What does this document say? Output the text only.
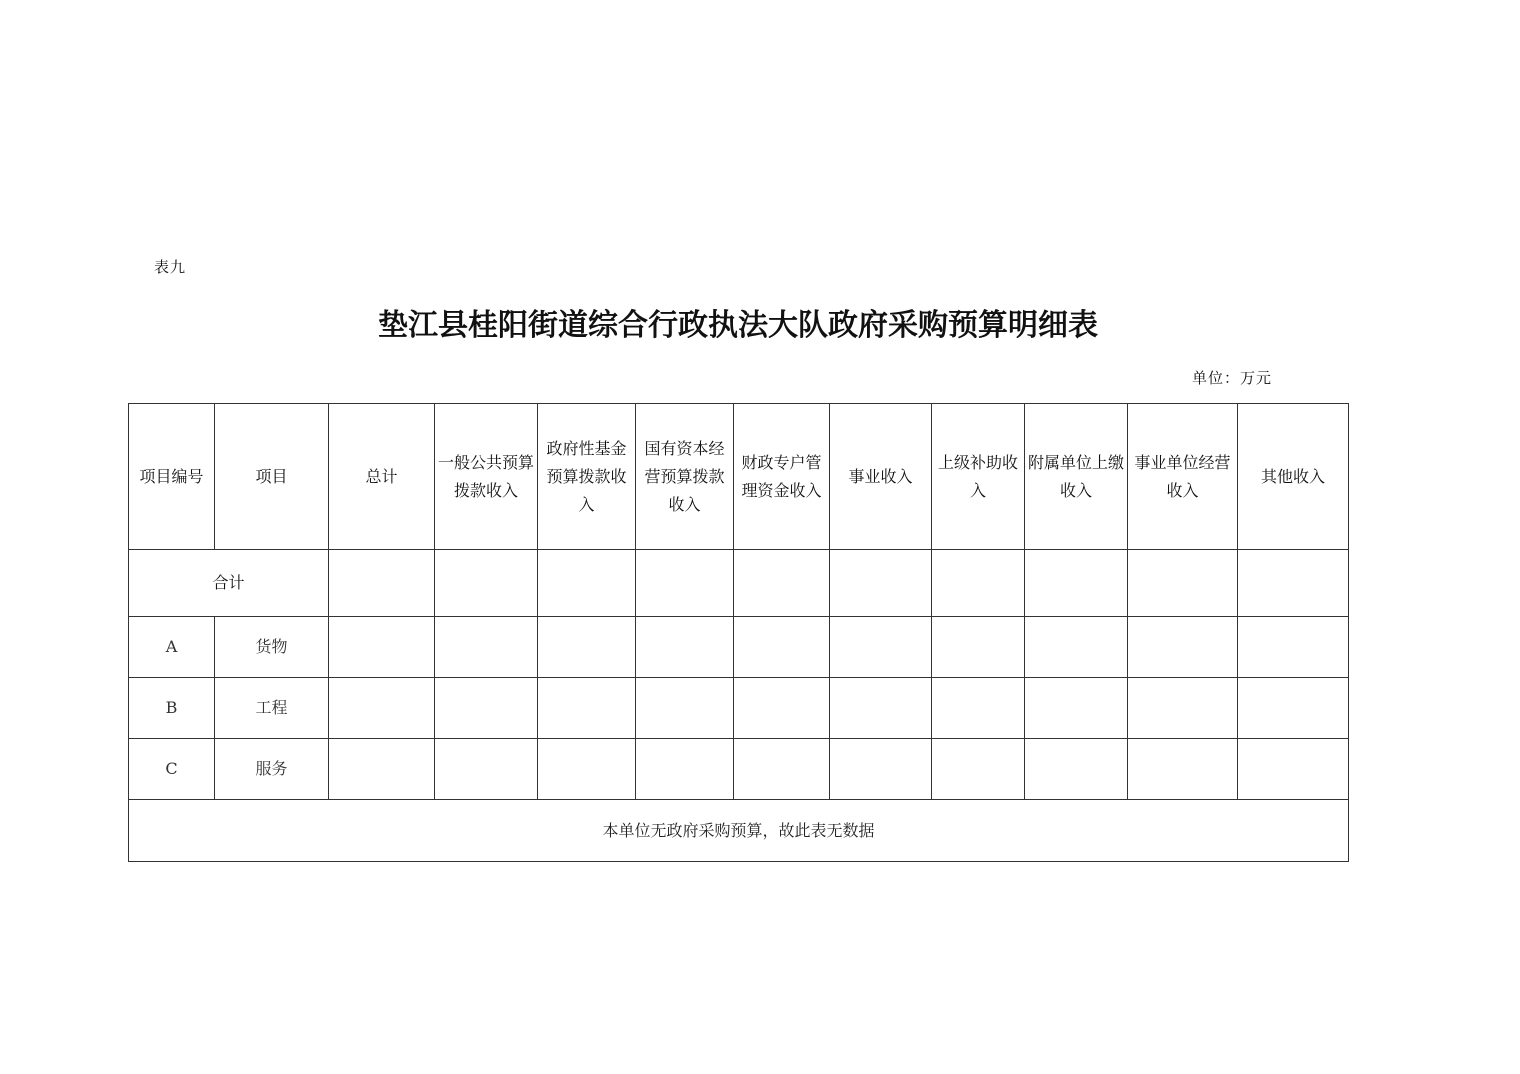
表九
垫江县桂阳街道综合行政执法大队政府采购预算明细表
单位：万元
项目编号	项目	总计	一般公共预算拨款收入	政府性基金预算拨款收入	国有资本经营预算拨款收入	财政专户管理资金收入	事业收入	上级补助收入	附属单位上缴收入	事业单位经营收入	其他收入
合计											
A	货物										
B	工程										
C	服务										
本单位无政府采购预算，故此表无数据											
